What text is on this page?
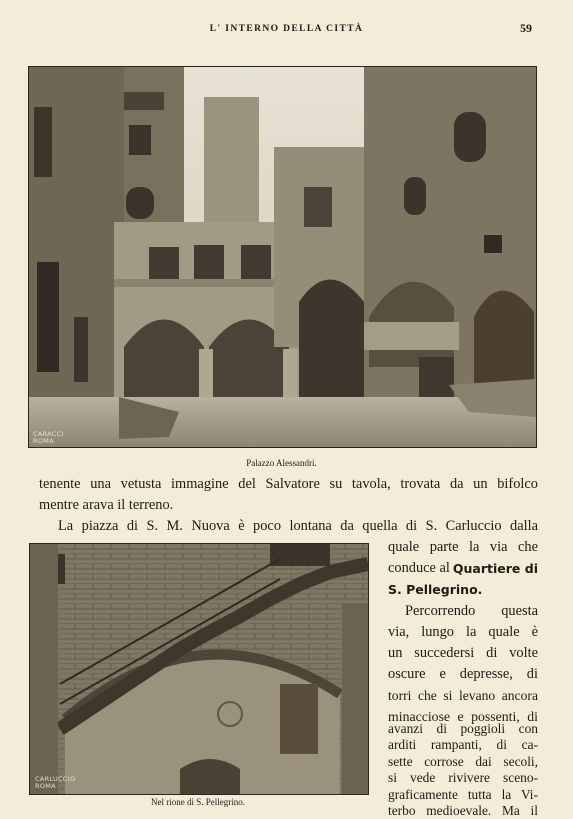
L' INTERNO DELLA CITTÀ	59
CARACCI
ROMA
Palazzo Alessandri.
tenente una vetusta immagine del Salvatore su tavola, trovata da un bifolco
mentre arava il terreno.
La piazza di S. M. Nuova è poco lontana da quella di S. Carluccio dalla
CARLUCCIO
ROMA
Nel rione di S. Pellegrino.
quale parte la via che
conduce al Quartiere di
S. Pellegrino.
Percorrendo questa
via, lungo la quale è
un succedersi di volte
oscure e depresse, di
torri che si levano ancora
minacciose e possenti, di
avanzi di poggioli con
arditi rampanti, di ca-
sette corrose dai secoli,
si vede rivivere sceno-
graficamente tutta la Vi-
terbo medioevale. Ma il
